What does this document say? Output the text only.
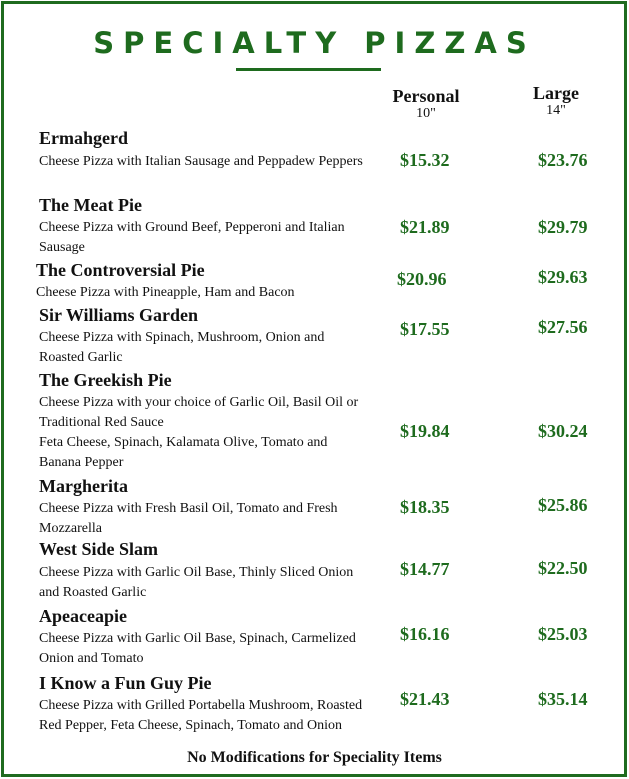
SPECIALTY PIZZAS
Personal
10"
Large
14"
Ermahgerd
Cheese Pizza with Italian Sausage and Peppadew Peppers	$15.32	$23.76
The Meat Pie
Cheese Pizza with Ground Beef, Pepperoni and Italian Sausage
$21.89	$29.79
The Controversial Pie
Cheese Pizza with Pineapple, Ham and Bacon
$20.96	$29.63
Sir Williams Garden
Cheese Pizza with Spinach, Mushroom, Onion and Roasted Garlic
$17.55	$27.56
The Greekish Pie
Cheese Pizza with your choice of Garlic Oil, Basil Oil or Traditional Red Sauce
Feta Cheese, Spinach, Kalamata Olive, Tomato and Banana Pepper
$19.84	$30.24
Margherita
Cheese Pizza with Fresh Basil Oil, Tomato and Fresh Mozzarella
$18.35	$25.86
West Side Slam
Cheese Pizza with Garlic Oil Base, Thinly Sliced Onion and Roasted Garlic
$14.77	$22.50
Apeaceapie
Cheese Pizza with Garlic Oil Base, Spinach, Carmelized Onion and Tomato
$16.16	$25.03
I Know a Fun Guy Pie
Cheese Pizza with Grilled Portabella Mushroom, Roasted Red Pepper, Feta Cheese, Spinach, Tomato and Onion
$21.43	$35.14
No Modifications for Speciality Items
